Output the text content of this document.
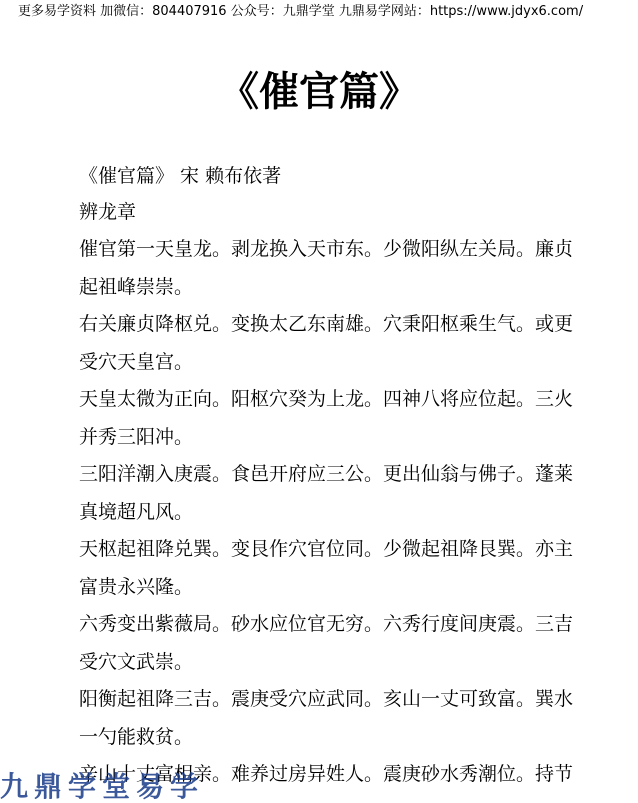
更多易学资料 加微信：804407916 公众号：九鼎学堂 九鼎易学网站：https://www.jdyx6.com/
《催官篇》
《催官篇》 宋 赖布依著
辨龙章
催官第一天皇龙。剥龙换入天市东。少微阳纵左关局。廉贞
起祖峰崇崇。
右关廉贞降枢兑。变换太乙东南雄。穴秉阳枢乘生气。或更
受穴天皇宫。
天皇太微为正向。阳枢穴癸为上龙。四神八将应位起。三火
并秀三阳冲。
三阳洋潮入庚震。食邑开府应三公。更出仙翁与佛子。蓬莱
真境超凡风。
天枢起祖降兑巽。变艮作穴官位同。少微起祖降艮巽。亦主
富贵永兴隆。
六秀变出紫薇局。砂水应位官无穷。六秀行度间庚震。三吉
受穴文武崇。
阳衡起祖降三吉。震庚受穴应武同。亥山一丈可致富。巽水
一勺能救贫。
辛山十丈富相亲。难养过房异姓人。震庚砂水秀潮位。持节
九鼎学堂易学
